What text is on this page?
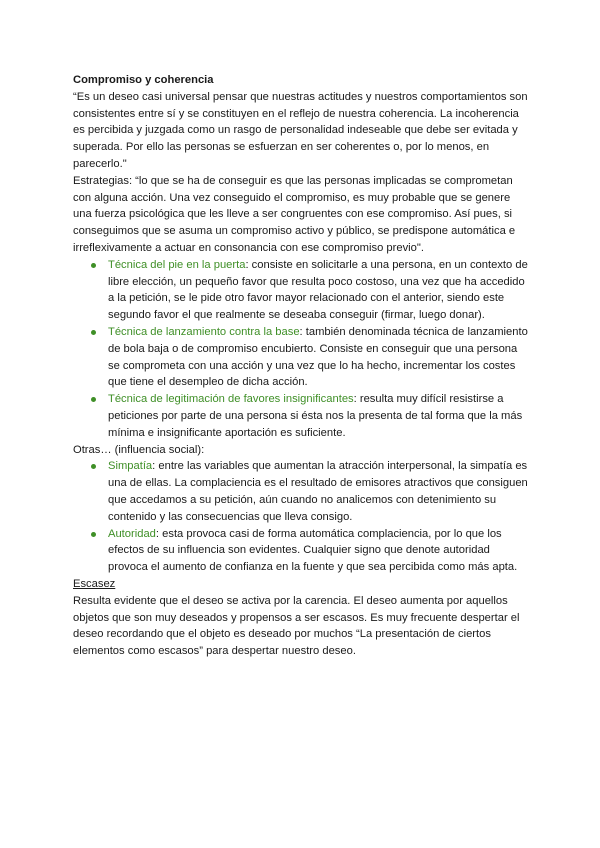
Compromiso y coherencia

“Es un deseo casi universal pensar que nuestras actitudes y nuestros comportamientos son consistentes entre sí y se constituyen en el reflejo de nuestra coherencia. La incoherencia es percibida y juzgada como un rasgo de personalidad indeseable que debe ser evitada y superada. Por ello las personas se esfuerzan en ser coherentes o, por lo menos, en parecerlo."

Estrategias: “lo que se ha de conseguir es que las personas implicadas se comprometan con alguna acción. Una vez conseguido el compromiso, es muy probable que se genere una fuerza psicológica que les lleve a ser congruentes con ese compromiso. Así pues, si conseguimos que se asuma un compromiso activo y público, se predispone automática e irreflexivamente a actuar en consonancia con ese compromiso previo".

Técnica del pie en la puerta: consiste en solicitarle a una persona, en un contexto de libre elección, un pequeño favor que resulta poco costoso, una vez que ha accedido a la petición, se le pide otro favor mayor relacionado con el anterior, siendo este segundo favor el que realmente se deseaba conseguir (firmar, luego donar).
Técnica de lanzamiento contra la base: también denominada técnica de lanzamiento de bola baja o de compromiso encubierto. Consiste en conseguir que una persona se comprometa con una acción y una vez que lo ha hecho, incrementar los costes que tiene el desempleo de dicha acción.
Técnica de legitimación de favores insignificantes: resulta muy difícil resistirse a peticiones por parte de una persona si ésta nos la presenta de tal forma que la más mínima e insignificante aportación es suficiente.

Otras… (influencia social):

Simpatía: entre las variables que aumentan la atracción interpersonal, la simpatía es una de ellas. La complaciencia es el resultado de emisores atractivos que consiguen que accedamos a su petición, aún cuando no analicemos con detenimiento su contenido y las consecuencias que lleva consigo.
Autoridad: esta provoca casi de forma automática complaciencia, por lo que los efectos de su influencia son evidentes. Cualquier signo que denote autoridad provoca el aumento de confianza en la fuente y que sea percibida como más apta.

Escasez

Resulta evidente que el deseo se activa por la carencia. El deseo aumenta por aquellos objetos que son muy deseados y propensos a ser escasos. Es muy frecuente despertar el deseo recordando que el objeto es deseado por muchos “La presentación de ciertos elementos como escasos” para despertar nuestro deseo.
